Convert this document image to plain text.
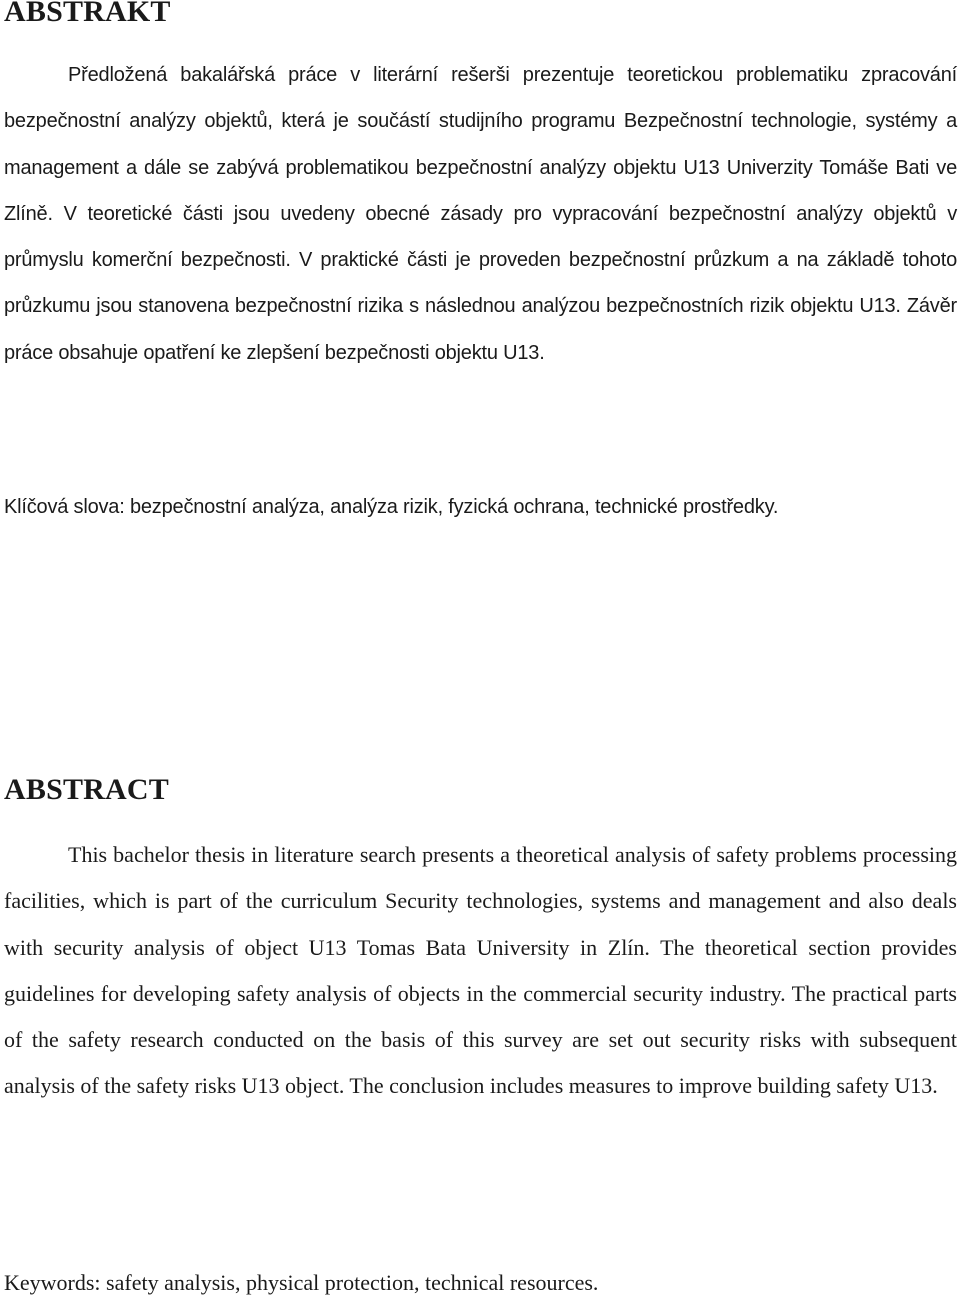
ABSTRAKT

Předložená bakalářská práce v literární rešerši prezentuje teoretickou problematiku zpracování bezpečnostní analýzy objektů, která je součástí studijního programu Bezpečnostní technologie, systémy a management a dále se zabývá problematikou bezpečnostní analýzy objektu U13 Univerzity Tomáše Bati ve Zlíně. V teoretické části jsou uvedeny obecné zásady pro vypracování bezpečnostní analýzy objektů v průmyslu komerční bezpečnosti. V praktické části je proveden bezpečnostní průzkum a na základě tohoto průzkumu jsou stanovena bezpečnostní rizika s následnou analýzou bezpečnostních rizik objektu U13. Závěr práce obsahuje opatření ke zlepšení bezpečnosti objektu U13.

Klíčová slova: bezpečnostní analýza, analýza rizik, fyzická ochrana, technické prostředky.

ABSTRACT

This bachelor thesis in literature search presents a theoretical analysis of safety problems processing facilities, which is part of the curriculum Security technologies, systems and management and also deals with security analysis of object U13 Tomas Bata University in Zlín. The theoretical section provides guidelines for developing safety analysis of objects in the commercial security industry. The practical parts of the safety research conducted on the basis of this survey are set out security risks with subsequent analysis of the safety risks U13 object. The conclusion includes measures to improve building safety U13.

Keywords: safety analysis, physical protection, technical resources.
